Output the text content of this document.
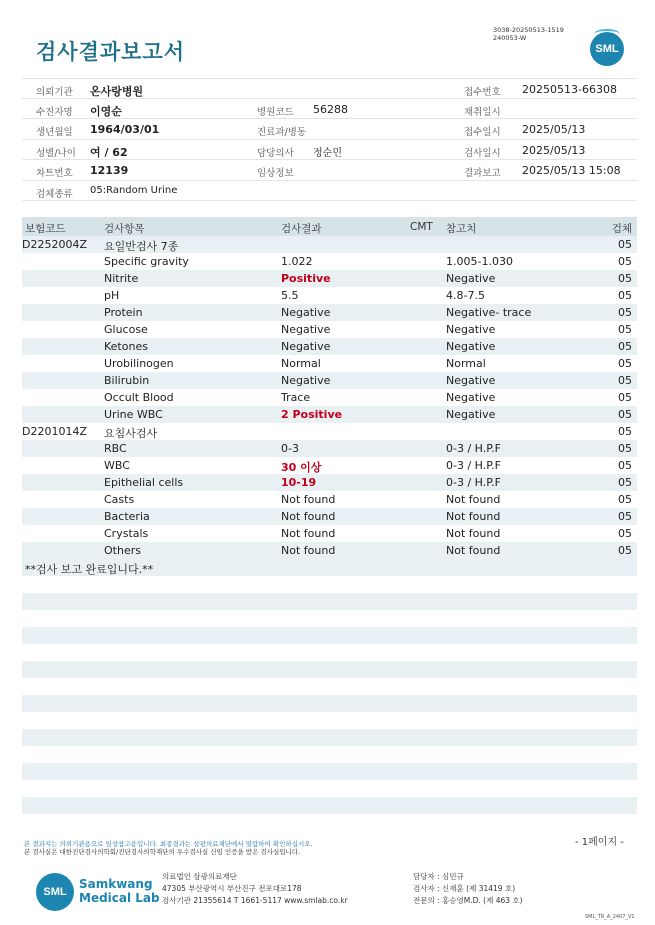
3038-20250513-1519
240053-W
검사결과보고서	SML
의뢰기관 온사랑병원	접수번호 20250513-66308
수진자명 이영순	병원코드 56288	채취일시
생년월일 1964/03/01	진료과/병동	접수일시 2025/05/13
성별/나이 여 / 62	담당의사 정순민	검사일시 2025/05/13
차트번호 12139	임상정보	결과보고 2025/05/13 15:08
검체종류 05:Random Urine
보험코드	검사항목	검사결과	CMT 참고치	검체
D2252004Z 요일반검사 7종	05
Specific gravity	1.022	1.005-1.030	05
Nitrite	Positive	Negative	05
pH	5.5	4.8-7.5	05
Protein	Negative	Negative- trace	05
Glucose	Negative	Negative	05
Ketones	Negative	Negative	05
Urobilinogen	Normal	Normal	05
Bilirubin	Negative	Negative	05
Occult Blood	Trace	Negative	05
Urine WBC	2 Positive	Negative	05
D2201014Z 요침사검사	05
RBC	0-3	0-3 / H.P.F	05
WBC	30 이상	0-3 / H.P.F	05
Epithelial cells	10-19	0-3 / H.P.F	05
Casts	Not found	Not found	05
Bacteria	Not found	Not found	05
Crystals	Not found	Not found	05
Others	Not found	Not found	05
**검사 보고 완료입니다.**
본 결과지는 의뢰기관용으로 임상참고용입니다. 최종결과는 삼광의료재단에서 열람하여 확인하십시오.
본 검사실은 대한진단검사의학회/진단검사의학재단의 우수검사실 신임 인증을 받은 검사실입니다.
- 1페이지 -
SML
Samkwang
Medical Lab
의료법인 삼광의료재단
47305 부산광역시 부산진구 전포대로178
검사기관 21355614 T 1661-5117 www.smlab.co.kr
담당자 : 심민규
검사자 : 신재훈 (제 31419 호)
전문의 : 홍승영M.D. (제 463 호)
SML_TR_A_2407_V1
